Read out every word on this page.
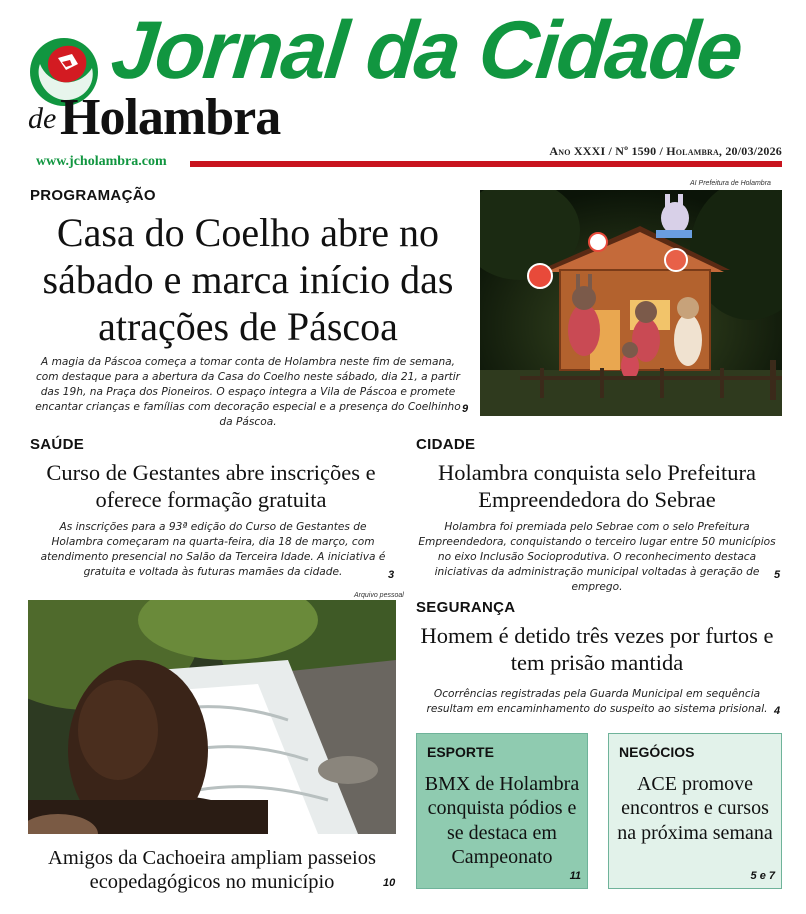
Jornal da Cidade
de Holambra
www.jcholambra.com
Ano XXXI / Nº 1590 / Holambra, 20/03/2026
PROGRAMAÇÃO
Casa do Coelho abre no sábado e marca início das atrações de Páscoa
A magia da Páscoa começa a tomar conta de Holambra neste fim de semana, com destaque para a abertura da Casa do Coelho neste sábado, dia 21, a partir das 19h, na Praça dos Pioneiros. O espaço integra a Vila de Páscoa e promete encantar crianças e famílias com decoração especial e a presença do Coelhinho da Páscoa.
9
AI Prefeitura de Holambra
SAÚDE
Curso de Gestantes abre inscrições e oferece formação gratuita
As inscrições para a 93ª edição do Curso de Gestantes de Holambra começaram na quarta-feira, dia 18 de março, com atendimento presencial no Salão da Terceira Idade. A iniciativa é gratuita e voltada às futuras mamães da cidade.	3
CIDADE
Holambra conquista selo Prefeitura Empreendedora do Sebrae
Holambra foi premiada pelo Sebrae com o selo Prefeitura Empreendedora, conquistando o terceiro lugar entre 50 municípios no eixo Inclusão Socioprodutiva. O reconhecimento destaca iniciativas da administração municipal voltadas à geração de emprego.
5
Arquivo pessoal
Amigos da Cachoeira ampliam passeios ecopedagógicos no município	10
SEGURANÇA
Homem é detido três vezes por furtos e tem prisão mantida
Ocorrências registradas pela Guarda Municipal em sequência resultam em encaminhamento do suspeito ao sistema prisional. 4
ESPORTE
BMX de Holambra conquista pódios e se destaca em Campeonato
11
NEGÓCIOS
ACE promove encontros e cursos na próxima semana
5 e 7
